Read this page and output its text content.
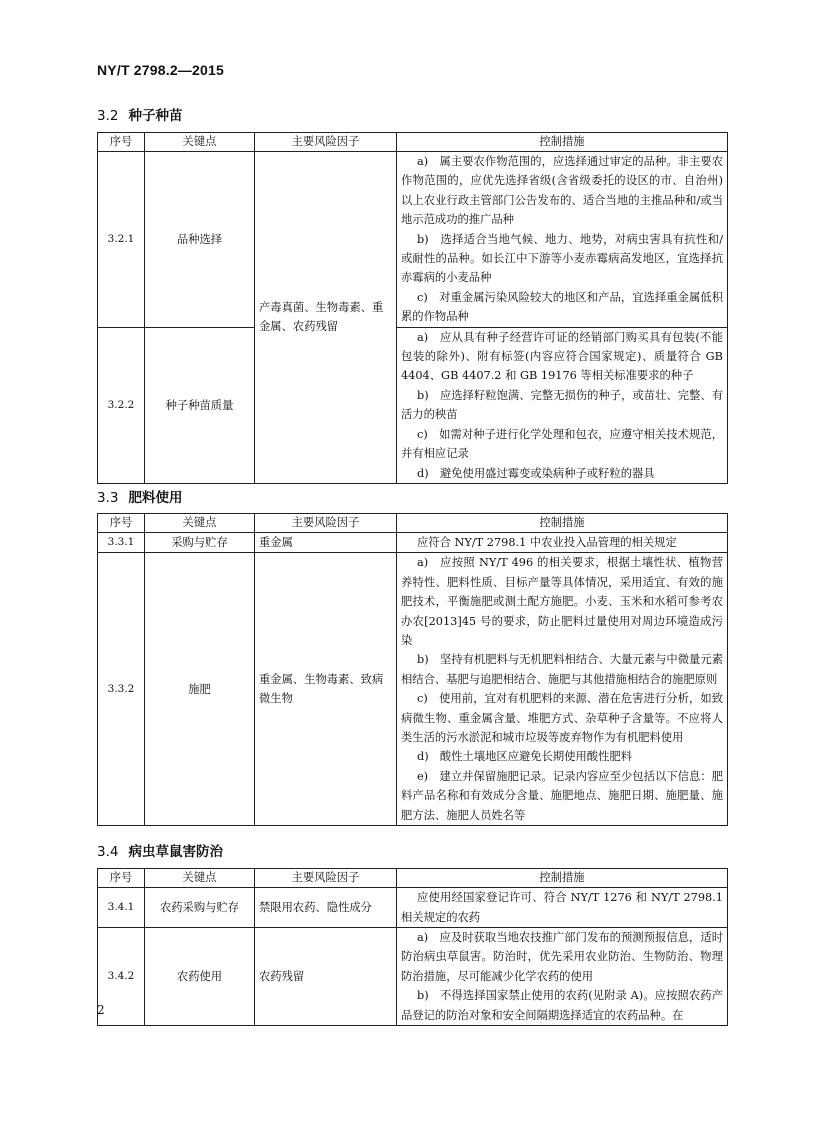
NY/T 2798.2—2015
3.2 种子种苗
序号	关键点	主要风险因子	控制措施
3.2.1	品种选择	产毒真菌、生物毒素、重金属、农药残留	a)　属主要农作物范围的，应选择通过审定的品种。非主要农作物范围的，应优先选择省级(含省级委托的设区的市、自治州)以上农业行政主管部门公告发布的、适合当地的主推品种和/或当地示范成功的推广品种
b)　选择适合当地气候、地力、地势，对病虫害具有抗性和/或耐性的品种。如长江中下游等小麦赤霉病高发地区，宜选择抗赤霉病的小麦品种
c)　对重金属污染风险较大的地区和产品，宜选择重金属低积累的作物品种

3.2.2	种子种苗质量		a)　应从具有种子经营许可证的经销部门购买具有包装(不能包装的除外)、附有标签(内容应符合国家规定)、质量符合 GB 4404、GB 4407.2 和 GB 19176 等相关标准要求的种子
b)　应选择籽粒饱满、完整无损伤的种子，或苗壮、完整、有活力的秧苗
c)　如需对种子进行化学处理和包衣，应遵守相关技术规范，并有相应记录
d)　避免使用盛过霉变或染病种子或籽粒的器具
3.3 肥料使用
序号	关键点	主要风险因子	控制措施
3.3.1	采购与贮存	重金属	应符合 NY/T 2798.1 中农业投入品管理的相关规定

3.3.2	施肥	重金属、生物毒素、致病微生物	a)　应按照 NY/T 496 的相关要求，根据土壤性状、植物营养特性、肥料性质、目标产量等具体情况，采用适宜、有效的施肥技术，平衡施肥或测土配方施肥。小麦、玉米和水稻可参考农办农[2013]45 号的要求，防止肥料过量使用对周边环境造成污染
b)　坚持有机肥料与无机肥料相结合、大量元素与中微量元素相结合、基肥与追肥相结合、施肥与其他措施相结合的施肥原则
c)　使用前，宜对有机肥料的来源、潜在危害进行分析，如致病微生物、重金属含量、堆肥方式、杂草种子含量等。不应将人类生活的污水淤泥和城市垃圾等废弃物作为有机肥料使用
d)　酸性土壤地区应避免长期使用酸性肥料
e)　建立并保留施肥记录。记录内容应至少包括以下信息：肥料产品名称和有效成分含量、施肥地点、施肥日期、施肥量、施肥方法、施肥人员姓名等
3.4 病虫草鼠害防治
序号	关键点	主要风险因子	控制措施
3.4.1	农药采购与贮存	禁限用农药、隐性成分	应使用经国家登记许可、符合 NY/T 1276 和 NY/T 2798.1 相关规定的农药

3.4.2	农药使用	农药残留	a)　应及时获取当地农技推广部门发布的预测预报信息，适时防治病虫草鼠害。防治时，优先采用农业防治、生物防治、物理防治措施，尽可能减少化学农药的使用
b)　不得选择国家禁止使用的农药(见附录 A)。应按照农药产品登记的防治对象和安全间隔期选择适宜的农药品种。在
2
